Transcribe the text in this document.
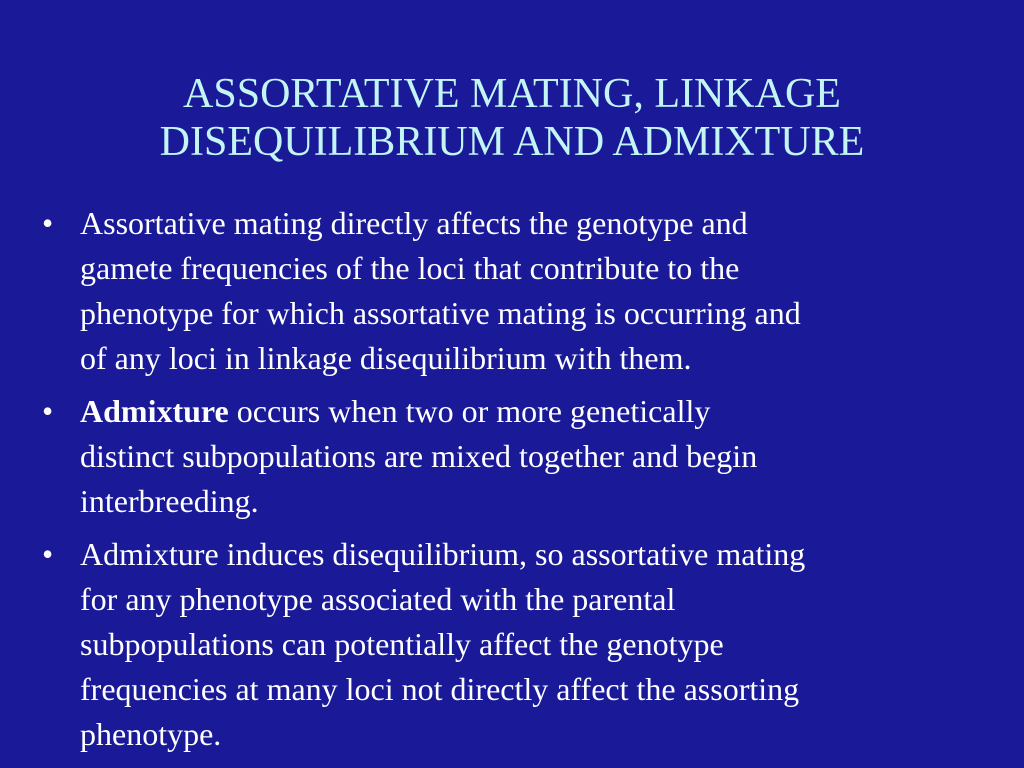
ASSORTATIVE MATING, LINKAGE
DISEQUILIBRIUM AND ADMIXTURE
• Assortative mating directly affects the genotype and
gamete frequencies of the loci that contribute to the
phenotype for which assortative mating is occurring and
of any loci in linkage disequilibrium with them.
• Admixture occurs when two or more genetically
distinct subpopulations are mixed together and begin
interbreeding.
• Admixture induces disequilibrium, so assortative mating
for any phenotype associated with the parental
subpopulations can potentially affect the genotype
frequencies at many loci not directly affect the assorting
phenotype.
